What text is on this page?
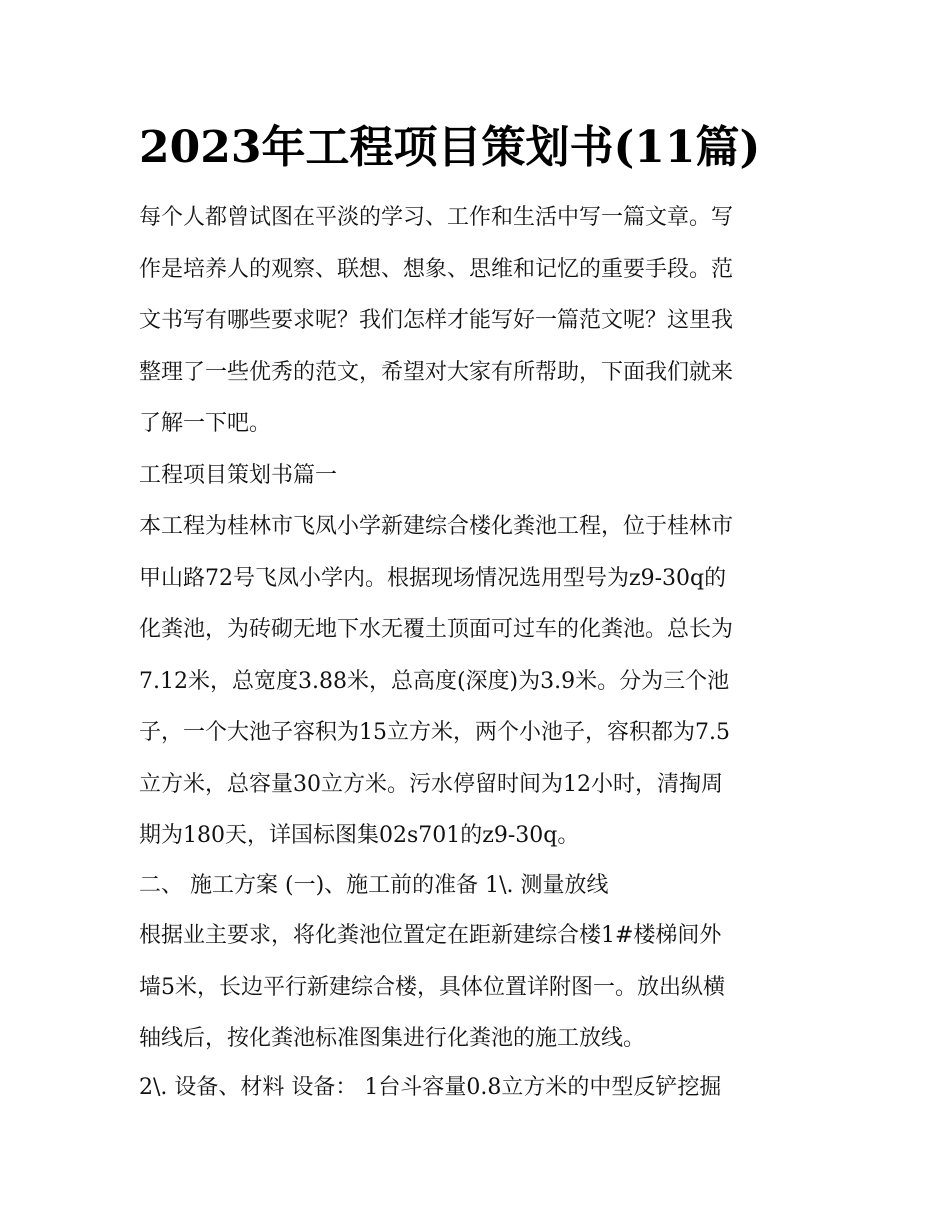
2023年工程项目策划书(11篇)
每个人都曾试图在平淡的学习、工作和生活中写一篇文章。写
作是培养人的观察、联想、想象、思维和记忆的重要手段。范
文书写有哪些要求呢？我们怎样才能写好一篇范文呢？这里我
整理了一些优秀的范文，希望对大家有所帮助，下面我们就来
了解一下吧。
工程项目策划书篇一
本工程为桂林市飞凤小学新建综合楼化粪池工程，位于桂林市
甲山路72号飞凤小学内。根据现场情况选用型号为z9-30q的
化粪池，为砖砌无地下水无覆土顶面可过车的化粪池。总长为
7.12米，总宽度3.88米，总高度(深度)为3.9米。分为三个池
子，一个大池子容积为15立方米，两个小池子，容积都为7.5
立方米，总容量30立方米。污水停留时间为12小时，清掏周
期为180天，详国标图集02s701的z9-30q。
二、 施工方案 (一)、施工前的准备 1\. 测量放线
根据业主要求，将化粪池位置定在距新建综合楼1#楼梯间外
墙5米，长边平行新建综合楼，具体位置详附图一。放出纵横
轴线后，按化粪池标准图集进行化粪池的施工放线。
2\. 设备、材料 设备： 1台斗容量0.8立方米的中型反铲挖掘
